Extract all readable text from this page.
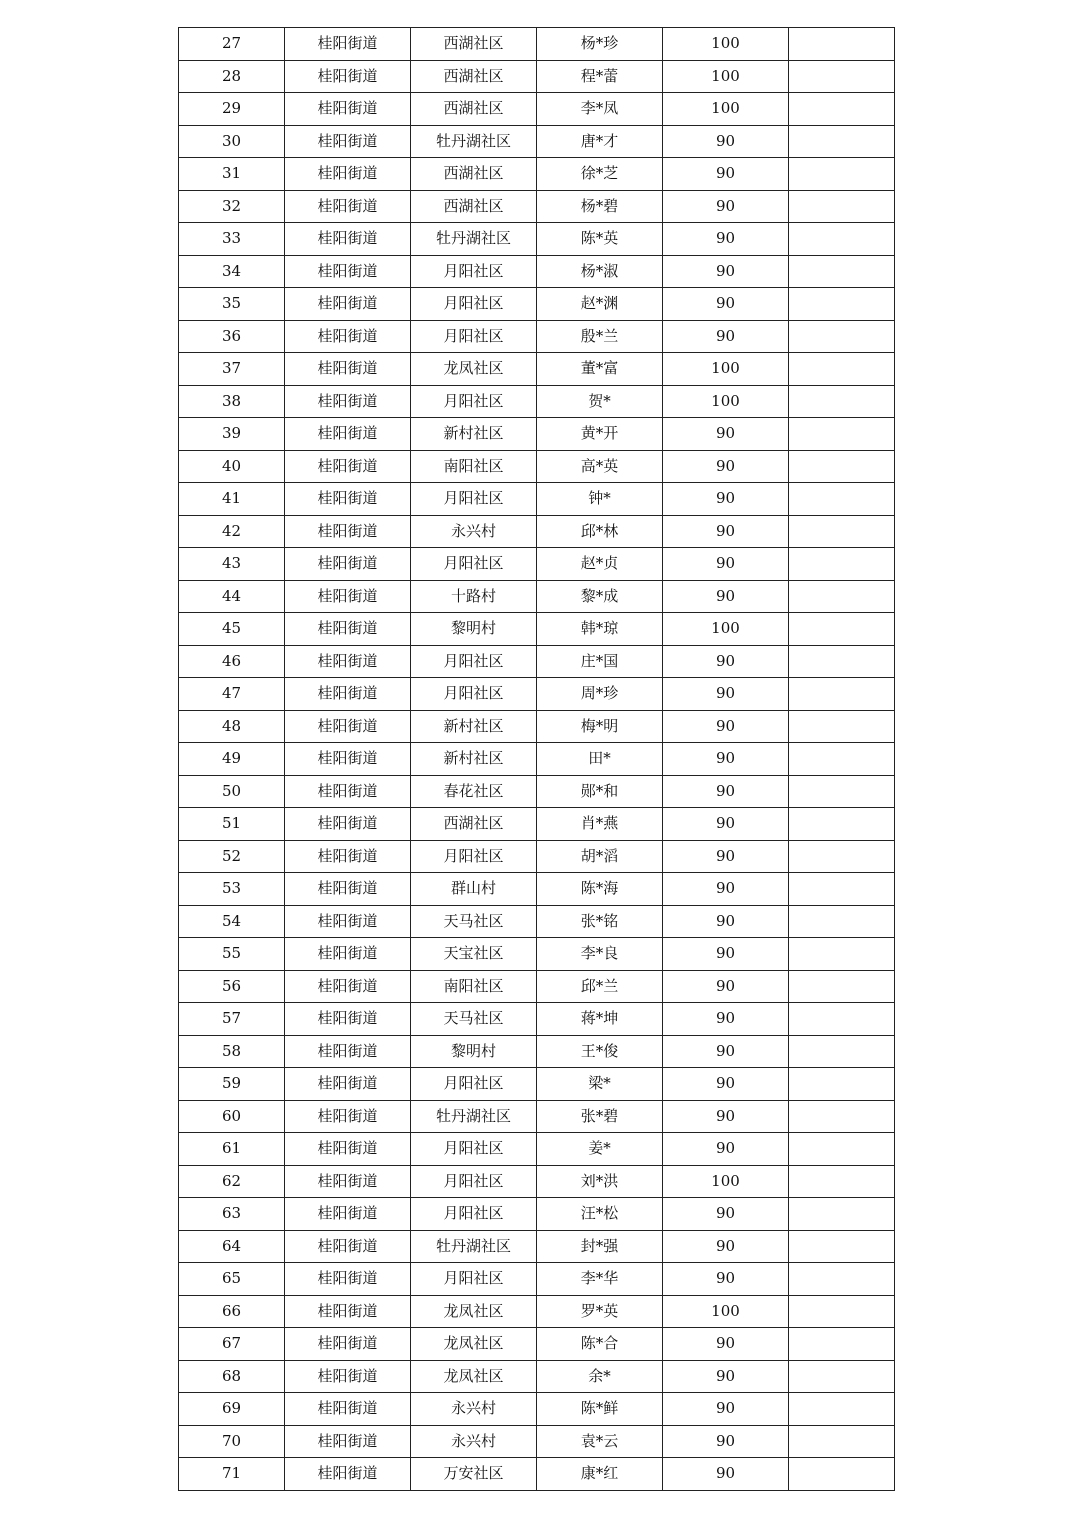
27	桂阳街道	西湖社区	杨*珍	100	
28	桂阳街道	西湖社区	程*蕾	100	
29	桂阳街道	西湖社区	李*凤	100	
30	桂阳街道	牡丹湖社区	唐*才	90	
31	桂阳街道	西湖社区	徐*芝	90	
32	桂阳街道	西湖社区	杨*碧	90	
33	桂阳街道	牡丹湖社区	陈*英	90	
34	桂阳街道	月阳社区	杨*淑	90	
35	桂阳街道	月阳社区	赵*渊	90	
36	桂阳街道	月阳社区	殷*兰	90	
37	桂阳街道	龙凤社区	董*富	100	
38	桂阳街道	月阳社区	贺*	100	
39	桂阳街道	新村社区	黄*开	90	
40	桂阳街道	南阳社区	高*英	90	
41	桂阳街道	月阳社区	钟*	90	
42	桂阳街道	永兴村	邱*林	90	
43	桂阳街道	月阳社区	赵*贞	90	
44	桂阳街道	十路村	黎*成	90	
45	桂阳街道	黎明村	韩*琼	100	
46	桂阳街道	月阳社区	庄*国	90	
47	桂阳街道	月阳社区	周*珍	90	
48	桂阳街道	新村社区	梅*明	90	
49	桂阳街道	新村社区	田*	90	
50	桂阳街道	春花社区	郧*和	90	
51	桂阳街道	西湖社区	肖*燕	90	
52	桂阳街道	月阳社区	胡*滔	90	
53	桂阳街道	群山村	陈*海	90	
54	桂阳街道	天马社区	张*铭	90	
55	桂阳街道	天宝社区	李*良	90	
56	桂阳街道	南阳社区	邱*兰	90	
57	桂阳街道	天马社区	蒋*坤	90	
58	桂阳街道	黎明村	王*俊	90	
59	桂阳街道	月阳社区	梁*	90	
60	桂阳街道	牡丹湖社区	张*碧	90	
61	桂阳街道	月阳社区	姜*	90	
62	桂阳街道	月阳社区	刘*洪	100	
63	桂阳街道	月阳社区	汪*松	90	
64	桂阳街道	牡丹湖社区	封*强	90	
65	桂阳街道	月阳社区	李*华	90	
66	桂阳街道	龙凤社区	罗*英	100	
67	桂阳街道	龙凤社区	陈*合	90	
68	桂阳街道	龙凤社区	余*	90	
69	桂阳街道	永兴村	陈*鲜	90	
70	桂阳街道	永兴村	袁*云	90	
71	桂阳街道	万安社区	康*红	90	
